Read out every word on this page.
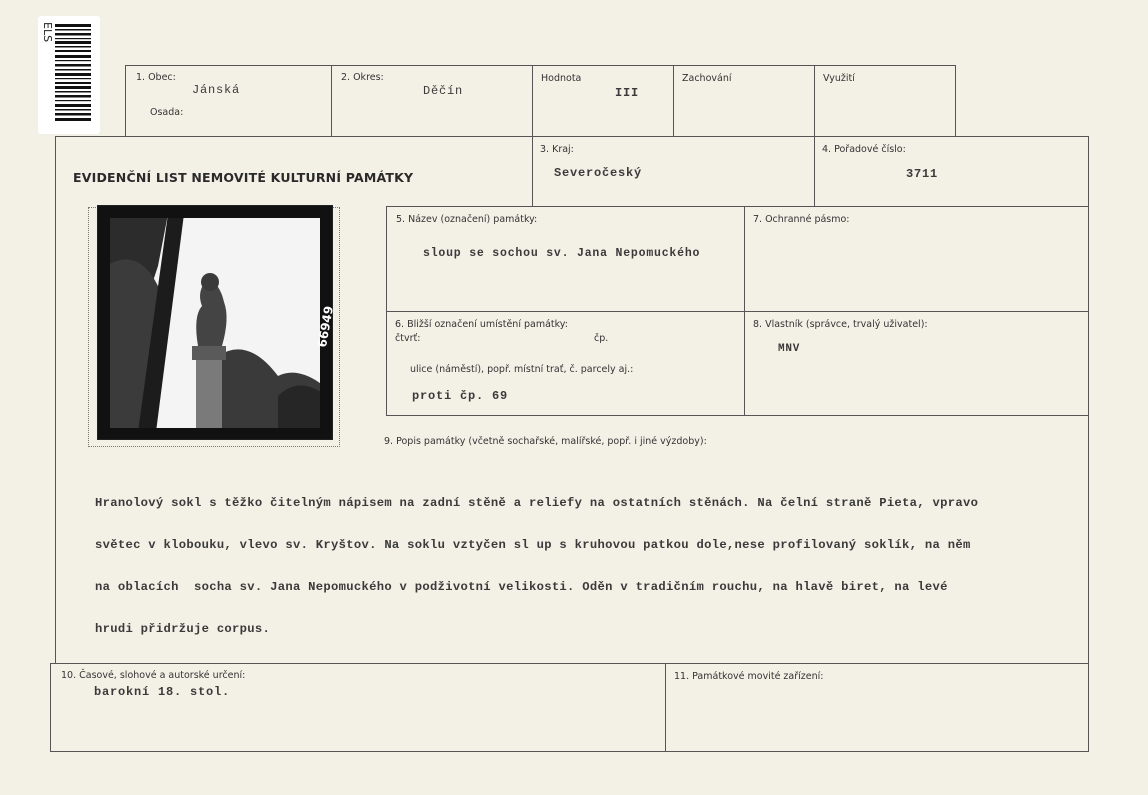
ELS
1. Obec:
Jánská
Osada:
2. Okres:
Děčín
Hodnota
III
Zachování	Využití
EVIDENČNÍ LIST NEMOVITÉ KULTURNÍ PAMÁTKY
3. Kraj:
Severočeský
4. Pořadové číslo:
3711
5. Název (označení) památky:
sloup se sochou sv. Jana Nepomuckého
7. Ochranné pásmo:
6. Bližší označení umístění památky:
čtvrť:	čp.
ulice (náměstí), popř. místní trať, č. parcely aj.:
proti čp. 69
8. Vlastník (správce, trvalý uživatel):
MNV
66949
9. Popis památky (včetně sochařské, malířské, popř. i jiné výzdoby):

Hranolový sokl s těžko čitelným nápisem na zadní stěně a reliefy na ostatních stěnách. Na čelní straně Pieta, vpravo

světec v klobouku, vlevo sv. Kryštov. Na soklu vztyčen sl up s kruhovou patkou dole,nese profilovaný soklík, na něm

na oblacích  socha sv. Jana Nepomuckého v podživotní velikosti. Oděn v tradičním rouchu, na hlavě biret, na levé

hrudi přidržuje corpus.

10. Časové, slohové a autorské určení:
barokní 18. stol.
11. Památkové movité zařízení:
